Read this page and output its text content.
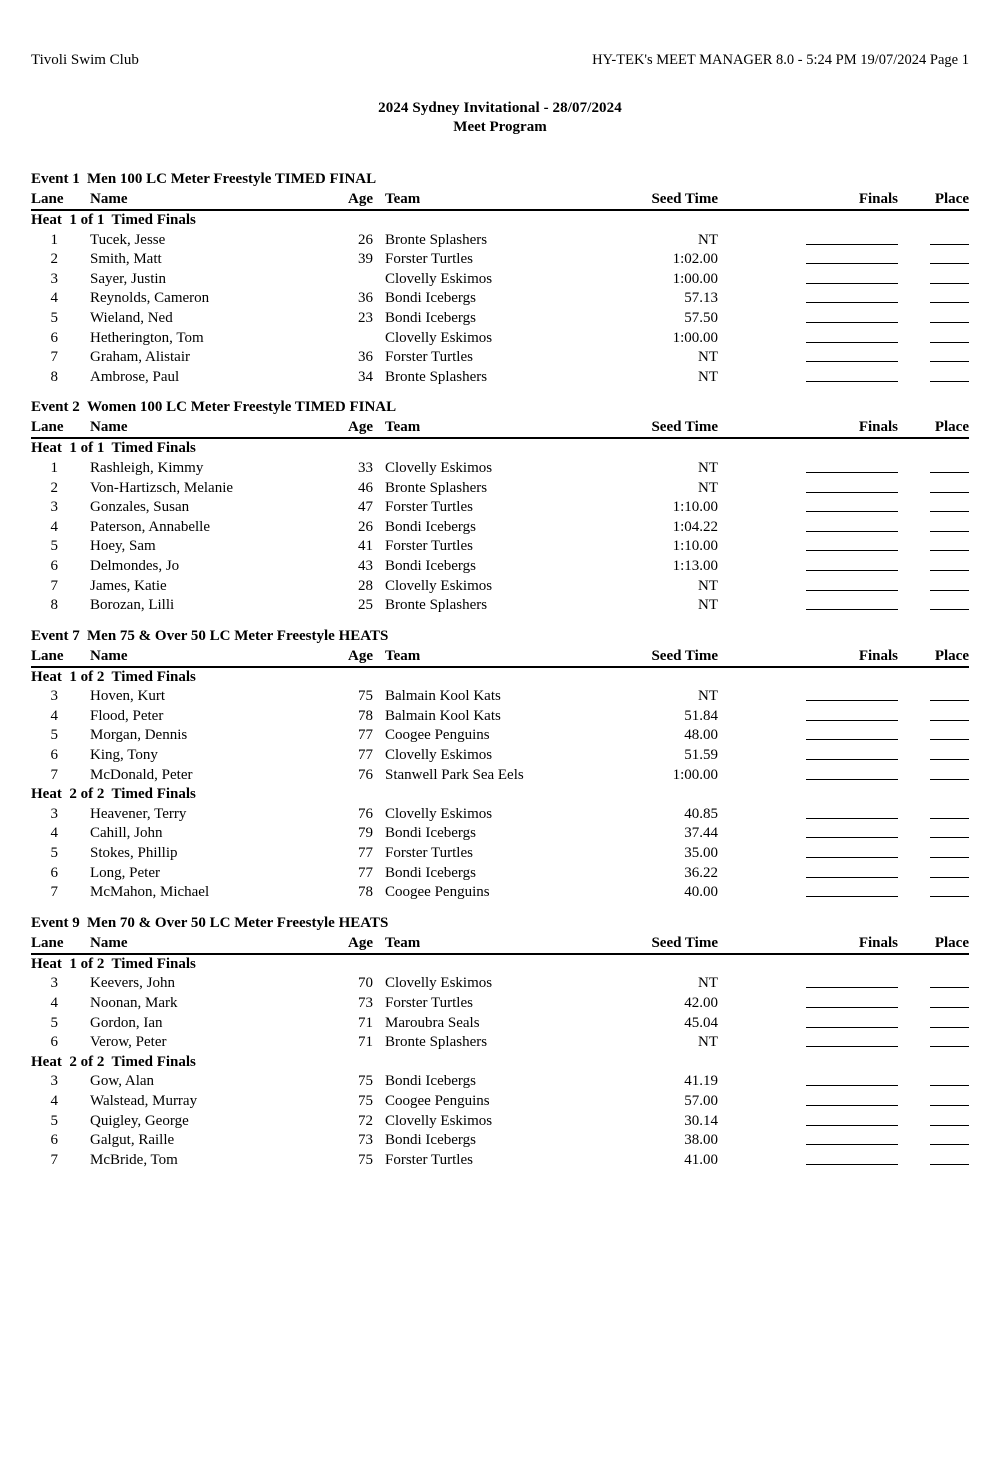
Tivoli Swim Club	HY-TEK's MEET MANAGER 8.0 - 5:24 PM 19/07/2024 Page 1
2024 Sydney Invitational - 28/07/2024
Meet Program
Event 1 Men 100 LC Meter Freestyle TIMED FINAL
Lane Name	Age Team	Seed Time	Finals	Place
Heat  1 of 1  Timed Finals
1 Tucek, Jesse	26 Bronte Splashers	NT
2 Smith, Matt	39 Forster Turtles	1:02.00
3 Sayer, Justin	Clovelly Eskimos	1:00.00
4 Reynolds, Cameron	36 Bondi Icebergs	57.13
5 Wieland, Ned	23 Bondi Icebergs	57.50
6 Hetherington, Tom	Clovelly Eskimos	1:00.00
7 Graham, Alistair	36 Forster Turtles	NT
8 Ambrose, Paul	34 Bronte Splashers	NT
Event 2 Women 100 LC Meter Freestyle TIMED FINAL
Lane Name	Age Team	Seed Time	Finals	Place
Heat  1 of 1  Timed Finals
1 Rashleigh, Kimmy	33 Clovelly Eskimos	NT
2 Von-Hartizsch, Melanie	46 Bronte Splashers	NT
3 Gonzales, Susan	47 Forster Turtles	1:10.00
4 Paterson, Annabelle	26 Bondi Icebergs	1:04.22
5 Hoey, Sam	41 Forster Turtles	1:10.00
6 Delmondes, Jo	43 Bondi Icebergs	1:13.00
7 James, Katie	28 Clovelly Eskimos	NT
8 Borozan, Lilli	25 Bronte Splashers	NT
Event 7 Men 75 & Over 50 LC Meter Freestyle HEATS
Lane Name	Age Team	Seed Time	Finals	Place
Heat  1 of 2  Timed Finals
3 Hoven, Kurt	75 Balmain Kool Kats	NT
4 Flood, Peter	78 Balmain Kool Kats	51.84
5 Morgan, Dennis	77 Coogee Penguins	48.00
6 King, Tony	77 Clovelly Eskimos	51.59
7 McDonald, Peter	76 Stanwell Park Sea Eels	1:00.00
Heat  2 of 2  Timed Finals
3 Heavener, Terry	76 Clovelly Eskimos	40.85
4 Cahill, John	79 Bondi Icebergs	37.44
5 Stokes, Phillip	77 Forster Turtles	35.00
6 Long, Peter	77 Bondi Icebergs	36.22
7 McMahon, Michael	78 Coogee Penguins	40.00
Event 9 Men 70 & Over 50 LC Meter Freestyle HEATS
Lane Name	Age Team	Seed Time	Finals	Place
Heat  1 of 2  Timed Finals
3 Keevers, John	70 Clovelly Eskimos	NT
4 Noonan, Mark	73 Forster Turtles	42.00
5 Gordon, Ian	71 Maroubra Seals	45.04
6 Verow, Peter	71 Bronte Splashers	NT
Heat  2 of 2  Timed Finals
3 Gow, Alan	75 Bondi Icebergs	41.19
4 Walstead, Murray	75 Coogee Penguins	57.00
5 Quigley, George	72 Clovelly Eskimos	30.14
6 Galgut, Raille	73 Bondi Icebergs	38.00
7 McBride, Tom	75 Forster Turtles	41.00
